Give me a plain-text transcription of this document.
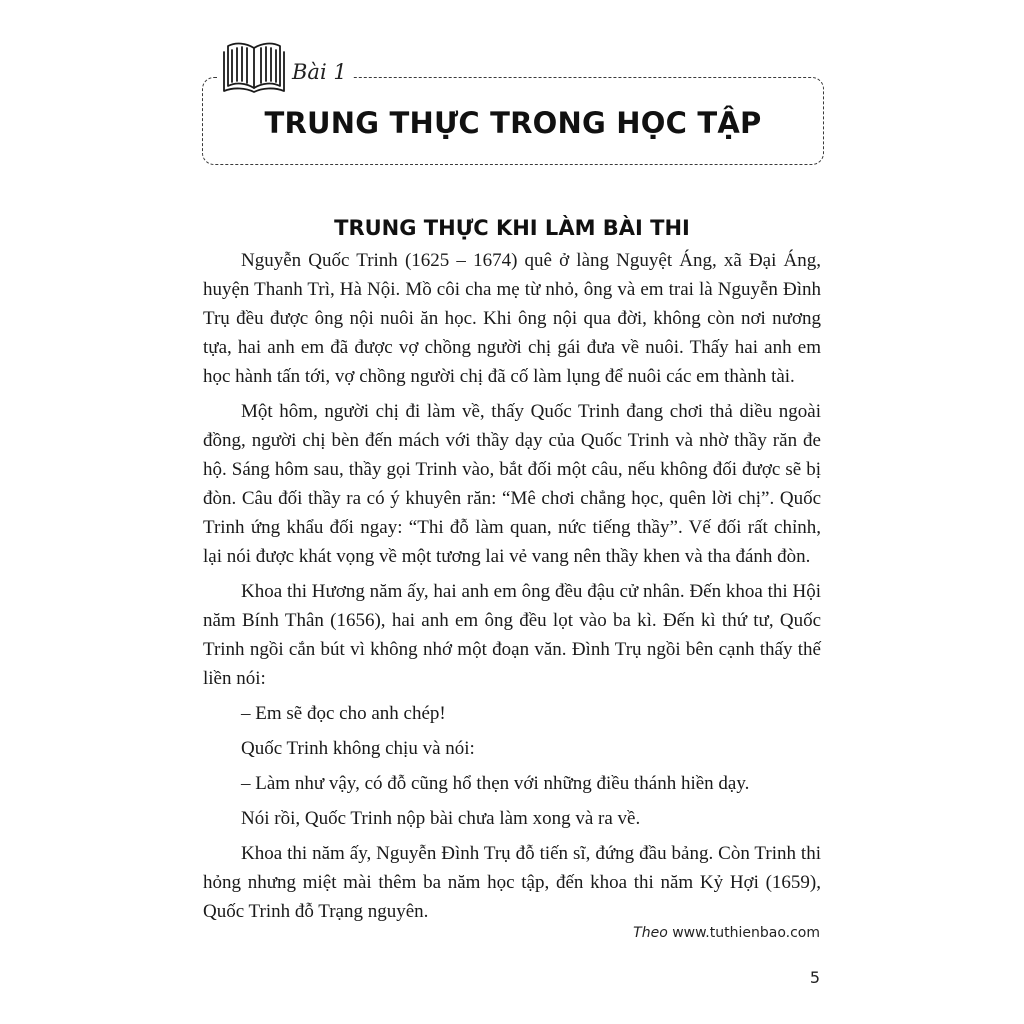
Bài 1
TRUNG THỰC TRONG HỌC TẬP
TRUNG THỰC KHI LÀM BÀI THI

Nguyễn Quốc Trinh (1625 – 1674) quê ở làng Nguyệt Áng, xã Đại Áng, huyện Thanh Trì, Hà Nội. Mồ côi cha mẹ từ nhỏ, ông và em trai là Nguyễn Đình Trụ đều được ông nội nuôi ăn học. Khi ông nội qua đời, không còn nơi nương tựa, hai anh em đã được vợ chồng người chị gái đưa về nuôi. Thấy hai anh em học hành tấn tới, vợ chồng người chị đã cố làm lụng để nuôi các em thành tài.

Một hôm, người chị đi làm về, thấy Quốc Trinh đang chơi thả diều ngoài đồng, người chị bèn đến mách với thầy dạy của Quốc Trinh và nhờ thầy răn đe hộ. Sáng hôm sau, thầy gọi Trinh vào, bắt đối một câu, nếu không đối được sẽ bị đòn. Câu đối thầy ra có ý khuyên răn: “Mê chơi chẳng học, quên lời chị”. Quốc Trinh ứng khẩu đối ngay: “Thi đỗ làm quan, nức tiếng thầy”. Vế đối rất chỉnh, lại nói được khát vọng về một tương lai vẻ vang nên thầy khen và tha đánh đòn.

Khoa thi Hương năm ấy, hai anh em ông đều đậu cử nhân. Đến khoa thi Hội năm Bính Thân (1656), hai anh em ông đều lọt vào ba kì. Đến kì thứ tư, Quốc Trinh ngồi cắn bút vì không nhớ một đoạn văn. Đình Trụ ngồi bên cạnh thấy thế liền nói:

– Em sẽ đọc cho anh chép!

Quốc Trinh không chịu và nói:

– Làm như vậy, có đỗ cũng hổ thẹn với những điều thánh hiền dạy.

Nói rồi, Quốc Trinh nộp bài chưa làm xong và ra về.

Khoa thi năm ấy, Nguyễn Đình Trụ đỗ tiến sĩ, đứng đầu bảng. Còn Trinh thi hỏng nhưng miệt mài thêm ba năm học tập, đến khoa thi năm Kỷ Hợi (1659), Quốc Trinh đỗ Trạng nguyên.

Theo www.tuthienbao.com
5
